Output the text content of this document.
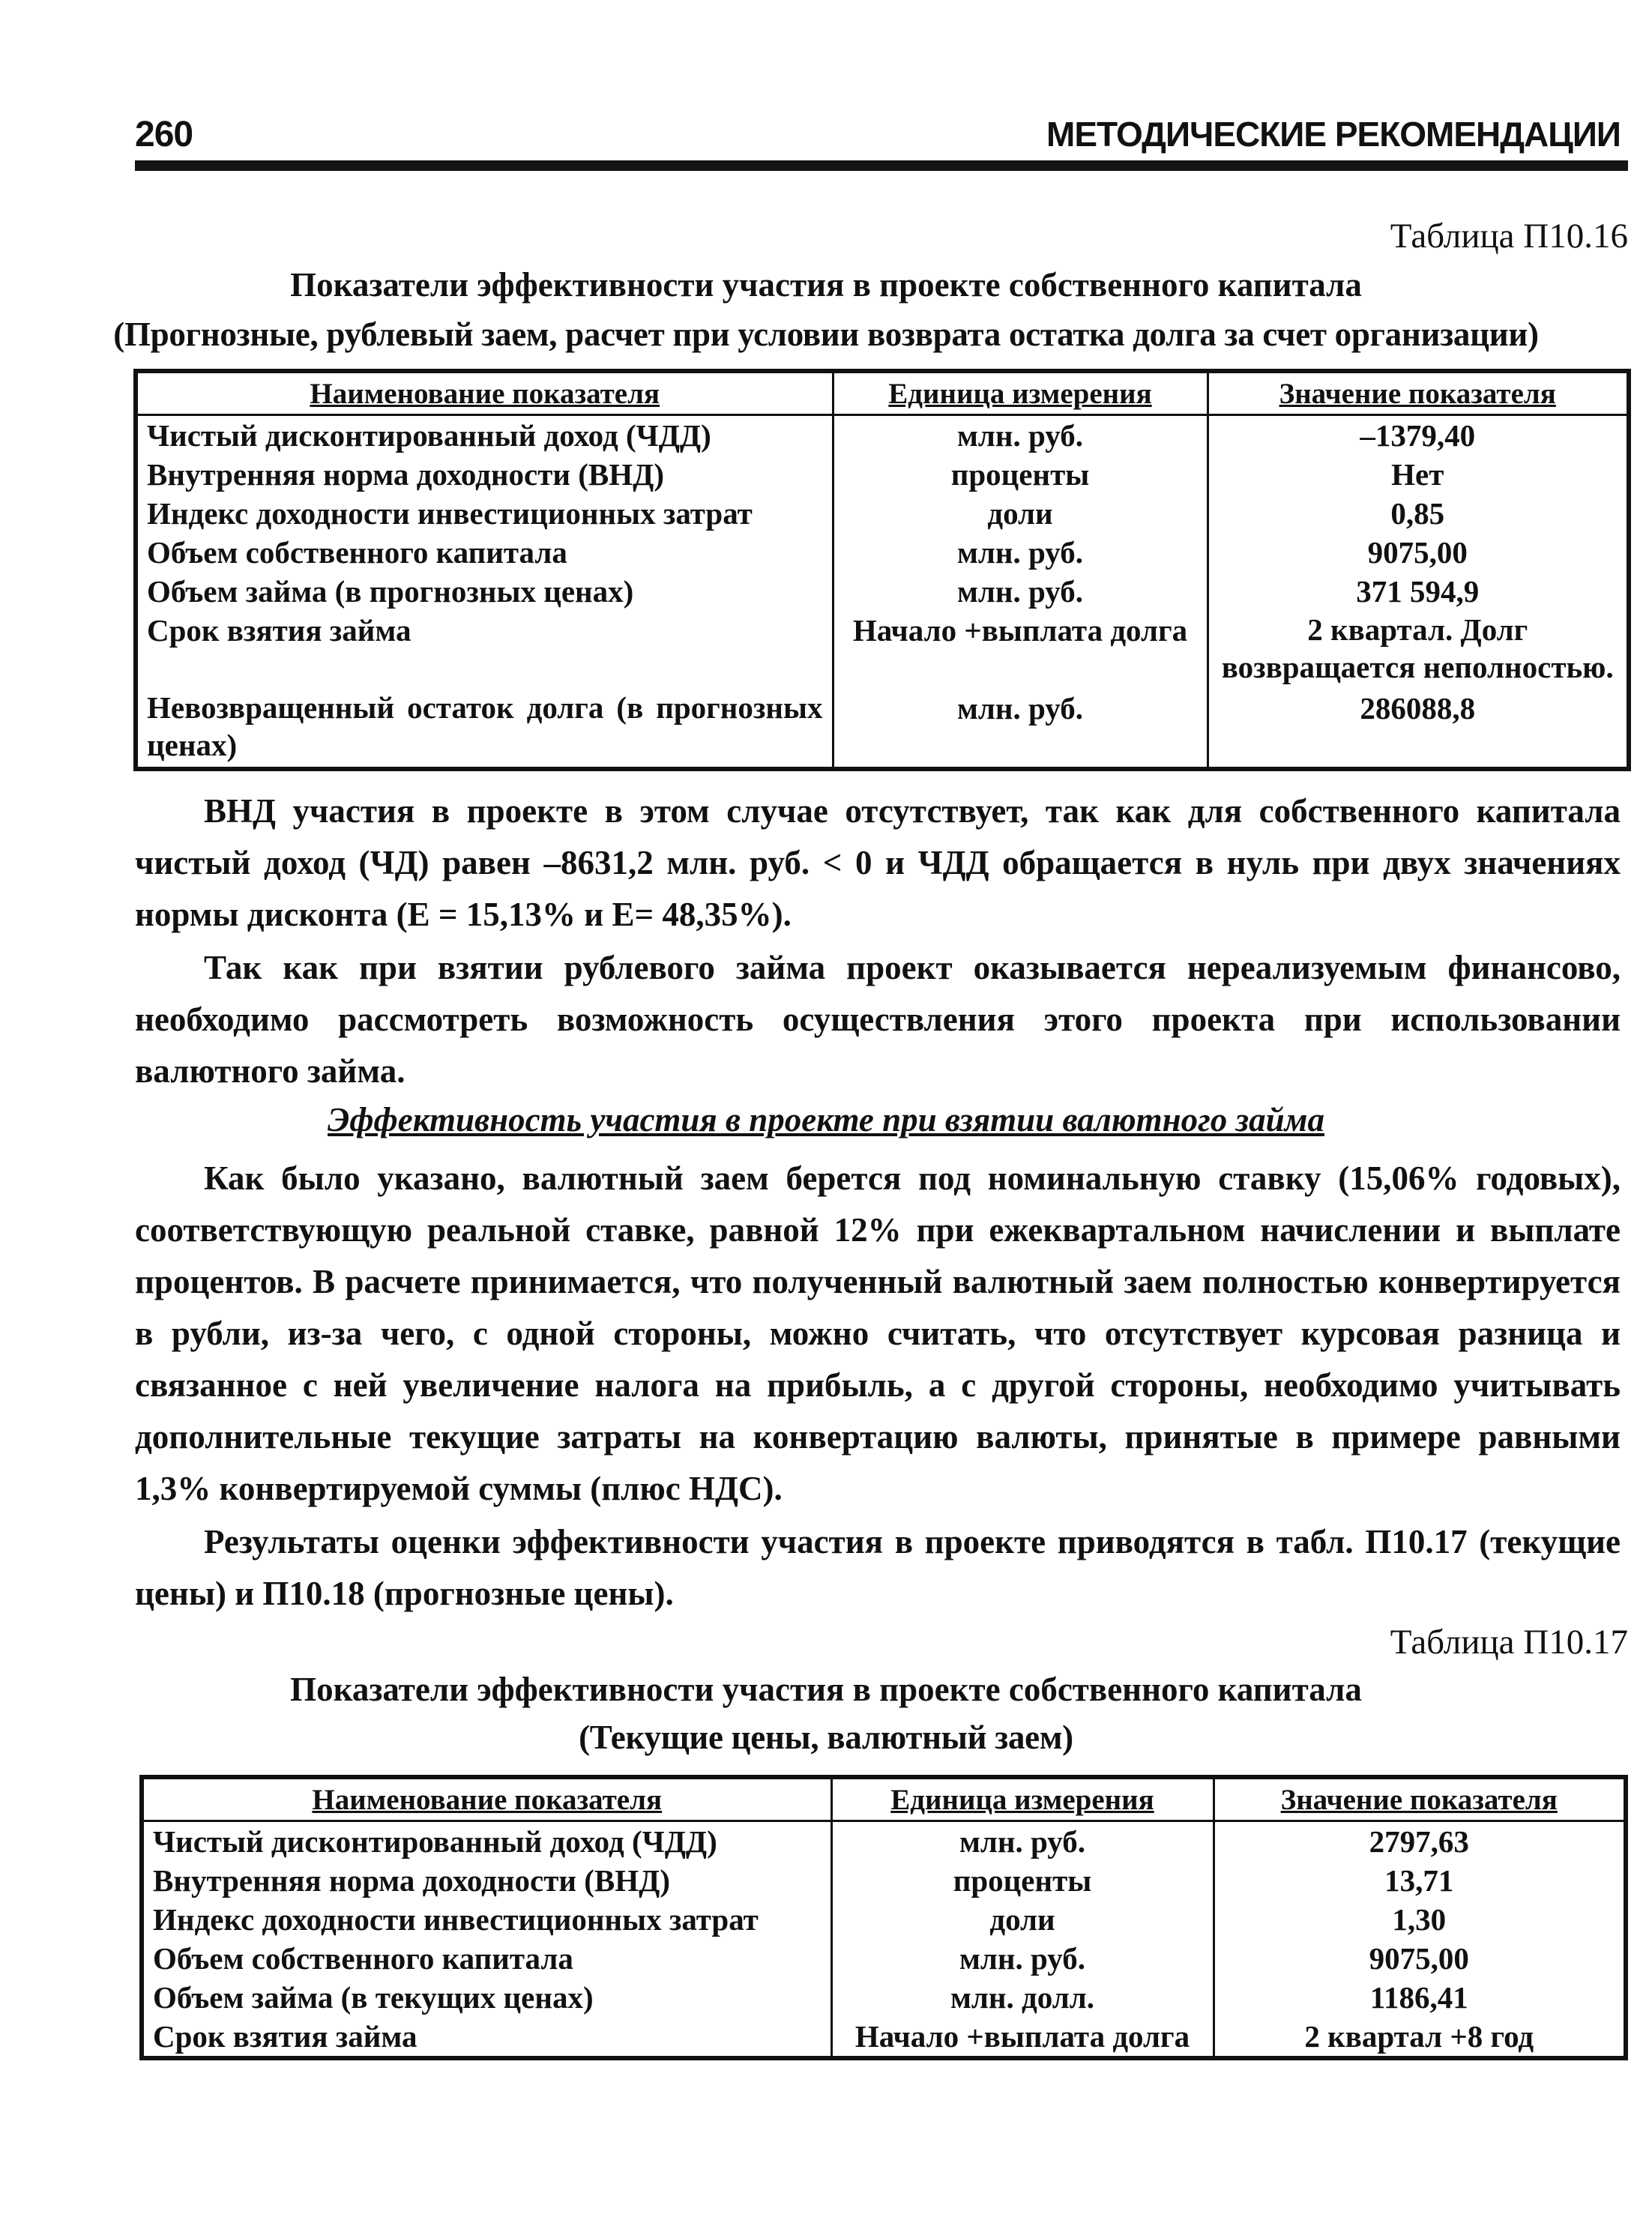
260	МЕТОДИЧЕСКИЕ РЕКОМЕНДАЦИИ
Таблица П10.16
Показатели эффективности участия в проекте собственного капитала
(Прогнозные, рублевый заем, расчет при условии возврата остатка долга за счет организации)
Наименование показателя	Единица измерения	Значение показателя
Чистый дисконтированный доход (ЧДД)	млн. руб.	–1379,40
Внутренняя норма доходности (ВНД)	проценты	Нет
Индекс доходности инвестиционных затрат	доли	0,85
Объем собственного капитала	млн. руб.	9075,00
Объем займа (в прогнозных ценах)	млн. руб.	371 594,9
Срок взятия займа	Начало +выплата долга	2 квартал. Долг возвращается неполностью.
Невозвращенный остаток долга (в прогнозных ценах)	млн. руб.	286088,8

ВНД участия в проекте в этом случае отсутствует, так как для собственного капитала чистый доход (ЧД) равен –8631,2 млн. руб. < 0 и ЧДД обращается в нуль при двух значениях нормы дисконта (Е = 15,13% и Е= 48,35%).

Так как при взятии рублевого займа проект оказывается нереализуемым финансово, необходимо рассмотреть возможность осуществления этого проекта при использовании валютного займа.

Эффективность участия в проекте при взятии валютного займа

Как было указано, валютный заем берется под номинальную ставку (15,06% годовых), соответствующую реальной ставке, равной 12% при ежеквартальном начислении и выплате процентов. В расчете принимается, что полученный валютный заем полностью конвертируется в рубли, из-за чего, с одной стороны, можно считать, что отсутствует курсовая разница и связанное с ней увеличение налога на прибыль, а с другой стороны, необходимо учитывать дополнительные текущие затраты на конвертацию валюты, принятые в примере равными 1,3% конвертируемой суммы (плюс НДС).

Результаты оценки эффективности участия в проекте приводятся в табл. П10.17 (текущие цены) и П10.18 (прогнозные цены).

Таблица П10.17
Показатели эффективности участия в проекте собственного капитала
(Текущие цены, валютный заем)
Наименование показателя	Единица измерения	Значение показателя
Чистый дисконтированный доход (ЧДД)	млн. руб.	2797,63
Внутренняя норма доходности (ВНД)	проценты	13,71
Индекс доходности инвестиционных затрат	доли	1,30
Объем собственного капитала	млн. руб.	9075,00
Объем займа (в текущих ценах)	млн. долл.	1186,41
Срок взятия займа	Начало +выплата долга	2 квартал +8 год
